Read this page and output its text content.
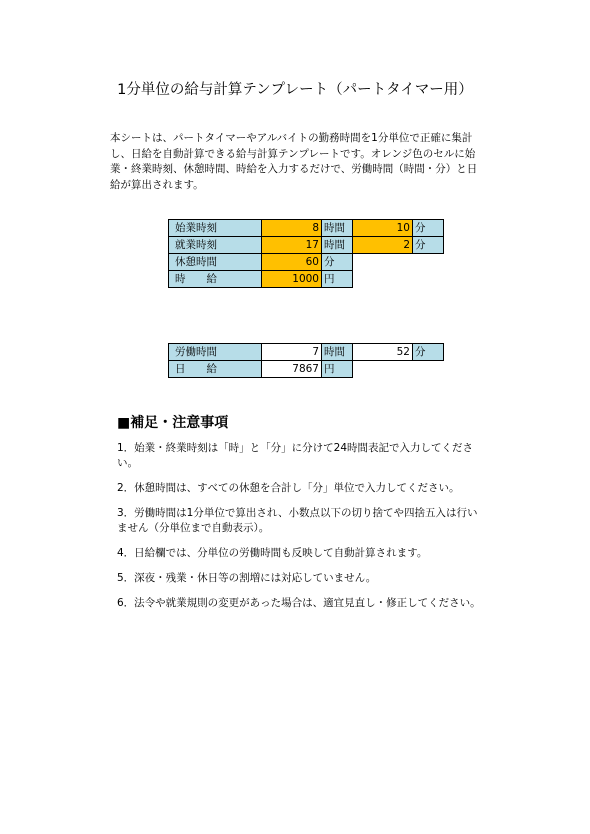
1分単位の給与計算テンプレート（パートタイマー用）
本シートは、パートタイマーやアルバイトの勤務時間を1分単位で正確に集計し、日給を自動計算できる給与計算テンプレートです。オレンジ色のセルに始業・終業時刻、休憩時間、時給を入力するだけで、労働時間（時間・分）と日給が算出されます。
始業時刻	8	時間	10	分
就業時刻	17	時間	2	分
休憩時間	60	分		
時　　給	1000	円		
労働時間	7	時間	52	分
日　　給	7867	円		
■補足・注意事項
1．始業・終業時刻は「時」と「分」に分けて24時間表記で入力してください。
2．休憩時間は、すべての休憩を合計し「分」単位で入力してください。
3．労働時間は1分単位で算出され、小数点以下の切り捨てや四捨五入は行いません（分単位まで自動表示）。
4．日給欄では、分単位の労働時間も反映して自動計算されます。
5．深夜・残業・休日等の割増には対応していません。
6．法令や就業規則の変更があった場合は、適宜見直し・修正してください。
